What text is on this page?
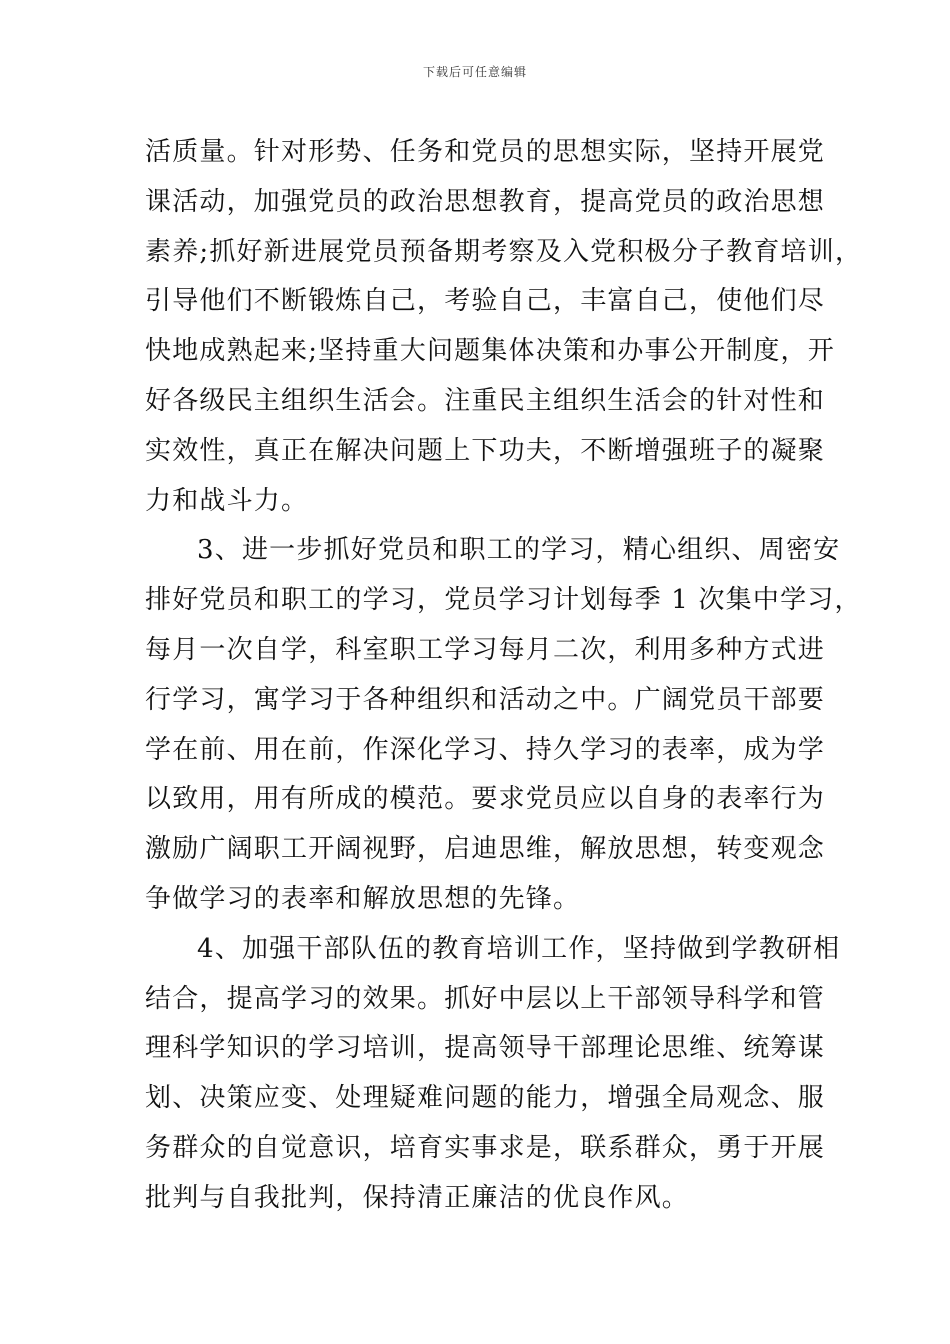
下载后可任意编辑
活质量。针对形势、任务和党员的思想实际，坚持开展党
课活动，加强党员的政治思想教育，提高党员的政治思想
素养;抓好新进展党员预备期考察及入党积极分子教育培训，
引导他们不断锻炼自己，考验自己，丰富自己，使他们尽
快地成熟起来;坚持重大问题集体决策和办事公开制度，开
好各级民主组织生活会。注重民主组织生活会的针对性和
实效性，真正在解决问题上下功夫，不断增强班子的凝聚
力和战斗力。
3、进一步抓好党员和职工的学习，精心组织、周密安
排好党员和职工的学习，党员学习计划每季 1 次集中学习，
每月一次自学，科室职工学习每月二次，利用多种方式进
行学习，寓学习于各种组织和活动之中。广阔党员干部要
学在前、用在前，作深化学习、持久学习的表率，成为学
以致用，用有所成的模范。要求党员应以自身的表率行为
激励广阔职工开阔视野，启迪思维，解放思想，转变观念
争做学习的表率和解放思想的先锋。
4、加强干部队伍的教育培训工作，坚持做到学教研相
结合，提高学习的效果。抓好中层以上干部领导科学和管
理科学知识的学习培训，提高领导干部理论思维、统筹谋
划、决策应变、处理疑难问题的能力，增强全局观念、服
务群众的自觉意识，培育实事求是，联系群众，勇于开展
批判与自我批判，保持清正廉洁的优良作风。
